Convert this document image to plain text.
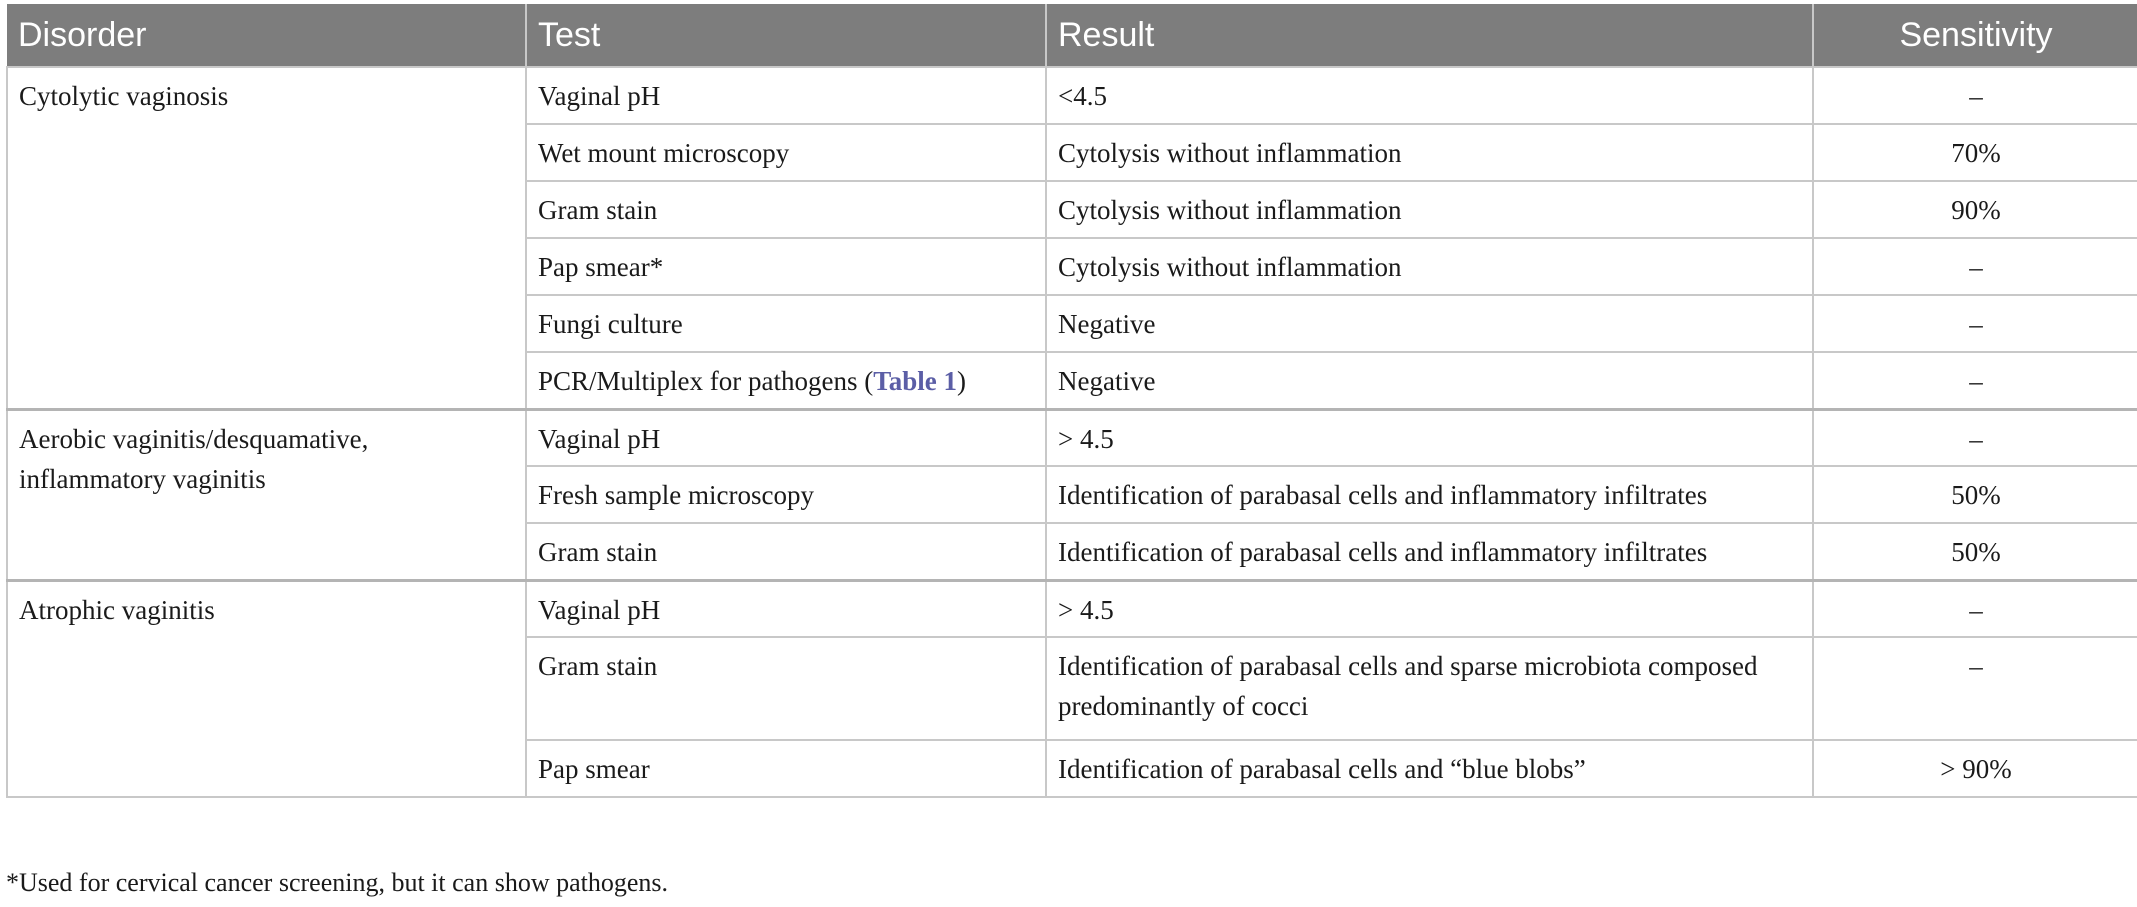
Disorder	Test	Result	Sensitivity
Cytolytic vaginosis	Vaginal pH	<4.5	–
	Wet mount microscopy	Cytolysis without inflammation	70%
	Gram stain	Cytolysis without inflammation	90%
	Pap smear*	Cytolysis without inflammation	–
	Fungi culture	Negative	–
	PCR/Multiplex for pathogens (Table 1)	Negative	–
Aerobic vaginitis/desquamative, inflammatory vaginitis	Vaginal pH	> 4.5	–
	Fresh sample microscopy	Identification of parabasal cells and inflammatory infiltrates	50%
	Gram stain	Identification of parabasal cells and inflammatory infiltrates	50%
Atrophic vaginitis	Vaginal pH	> 4.5	–
	Gram stain	Identification of parabasal cells and sparse microbiota composed predominantly of cocci	–
	Pap smear	Identification of parabasal cells and “blue blobs”	> 90%
*Used for cervical cancer screening, but it can show pathogens.
